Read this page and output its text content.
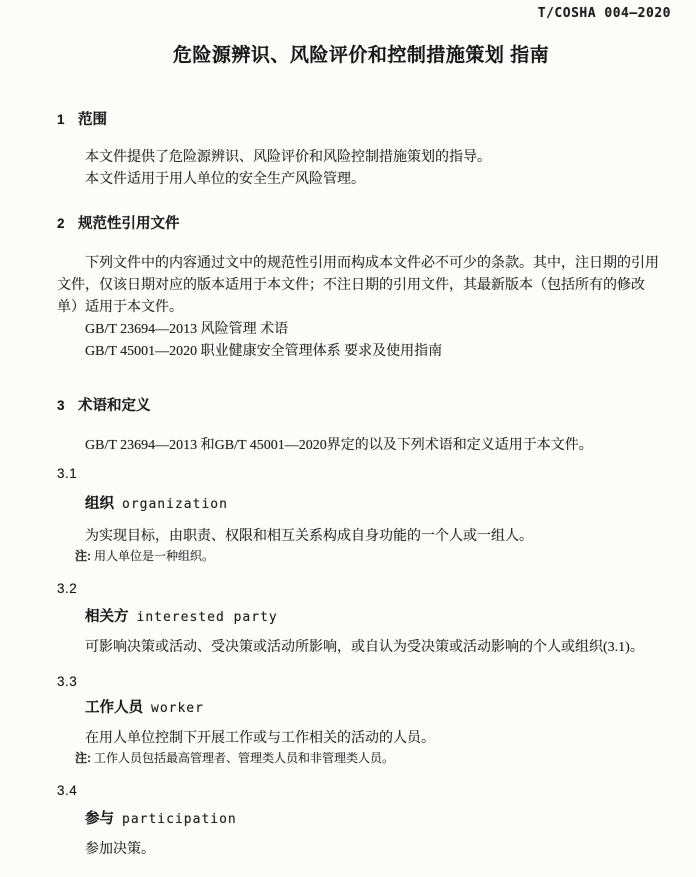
T/COSHA 004—2020
危险源辨识、风险评价和控制措施策划 指南
1 范围

本文件提供了危险源辨识、风险评价和风险控制措施策划的指导。

本文件适用于用人单位的安全生产风险管理。

2 规范性引用文件

下列文件中的内容通过文中的规范性引用而构成本文件必不可少的条款。其中，注日期的引用文件，仅该日期对应的版本适用于本文件；不注日期的引用文件，其最新版本（包括所有的修改单）适用于本文件。

GB/T 23694—2013 风险管理 术语

GB/T 45001—2020 职业健康安全管理体系 要求及使用指南

3 术语和定义

GB/T 23694—2013 和GB/T 45001—2020界定的以及下列术语和定义适用于本文件。

3.1
组织 organization

为实现目标，由职责、权限和相互关系构成自身功能的一个人或一组人。

注: 用人单位是一种组织。

3.2
相关方 interested party

可影响决策或活动、受决策或活动所影响，或自认为受决策或活动影响的个人或组织(3.1)。

3.3
工作人员 worker

在用人单位控制下开展工作或与工作相关的活动的人员。

注: 工作人员包括最高管理者、管理类人员和非管理类人员。

3.4
参与 participation

参加决策。
